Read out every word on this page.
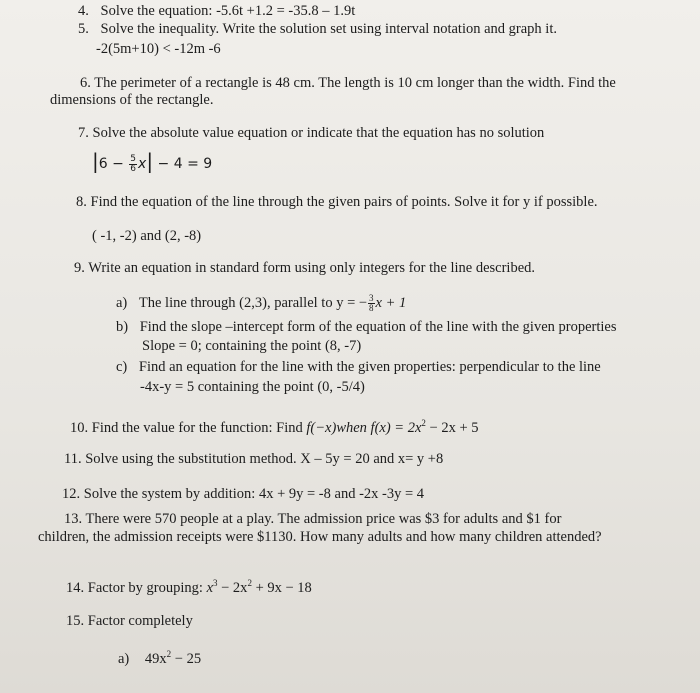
4. Solve the equation: -5.6t +1.2 = -35.8 – 1.9t
5. Solve the inequality. Write the solution set using interval notation and graph it.
-2(5m+10) < -12m -6
6. The perimeter of a rectangle is 48 cm. The length is 10 cm longer than the width. Find the
dimensions of the rectangle.
7. Solve the absolute value equation or indicate that the equation has no solution
$|6 - \frac{5}{6} x| - 4 = 9$
8. Find the equation of the line through the given pairs of points. Solve it for y if possible.
( -1, -2) and (2, -8)
9. Write an equation in standard form using only integers for the line described.
a) The line through (2,3), parallel to y = − $\frac{3}{8}$ x + 1
b) Find the slope –intercept form of the equation of the line with the given properties
Slope = 0; containing the point (8, -7)
c) Find an equation for the line with the given properties: perpendicular to the line
-4x-y = 5 containing the point (0, -5/4)
10. Find the value for the function: Find f(−x)when $f(x) = 2x^2 - 2x + 5$
11. Solve using the substitution method. X – 5y = 20 and x= y +8
12. Solve the system by addition: 4x + 9y = -8 and -2x -3y = 4
13. There were 570 people at a play. The admission price was $3 for adults and $1 for
children, the admission receipts were $1130. How many adults and how many children attended?
14. Factor by grouping: $x^3 - 2x^2 + 9x - 18$
15. Factor completely
a) $49x^2 - 25$
